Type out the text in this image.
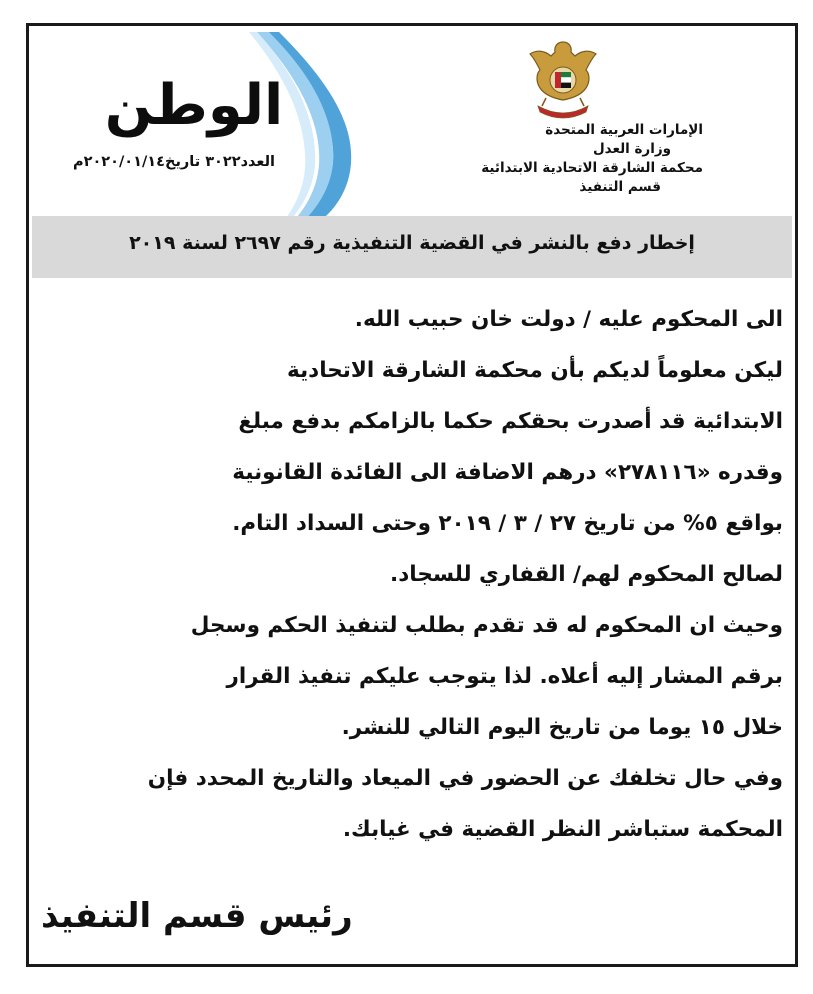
الإمارات العربية المتحدة
وزارة العدل
محكمة الشارقة الاتحادية الابتدائية
قسم التنفيذ
الوطن
العدد٣٠٢٢ تاريخ٢٠٢٠/٠١/١٤م
إخطار دفع بالنشر في القضية التنفيذية رقم ٢٦٩٧ لسنة ٢٠١٩

الى المحكوم عليه / دولت خان حبيب الله.

ليكن معلوماً لديكم بأن محكمة الشارقة الاتحادية

الابتدائية قد أصدرت بحقكم حكما بالزامكم بدفع مبلغ

وقدره «٢٧٨١١٦» درهم الاضافة الى الفائدة القانونية

بواقع ٥% من تاريخ ٢٧ / ٣ / ٢٠١٩ وحتى السداد التام.

لصالح المحكوم لهم/ القفاري للسجاد.

وحيث ان المحكوم له قد تقدم بطلب لتنفيذ الحكم وسجل

برقم المشار إليه أعلاه. لذا يتوجب عليكم تنفيذ القرار

خلال ١٥ يوما من تاريخ اليوم التالي للنشر.

وفي حال تخلفك عن الحضور في الميعاد والتاريخ المحدد فإن

المحكمة ستباشر النظر القضية في غيابك.

رئيس قسم التنفيذ
